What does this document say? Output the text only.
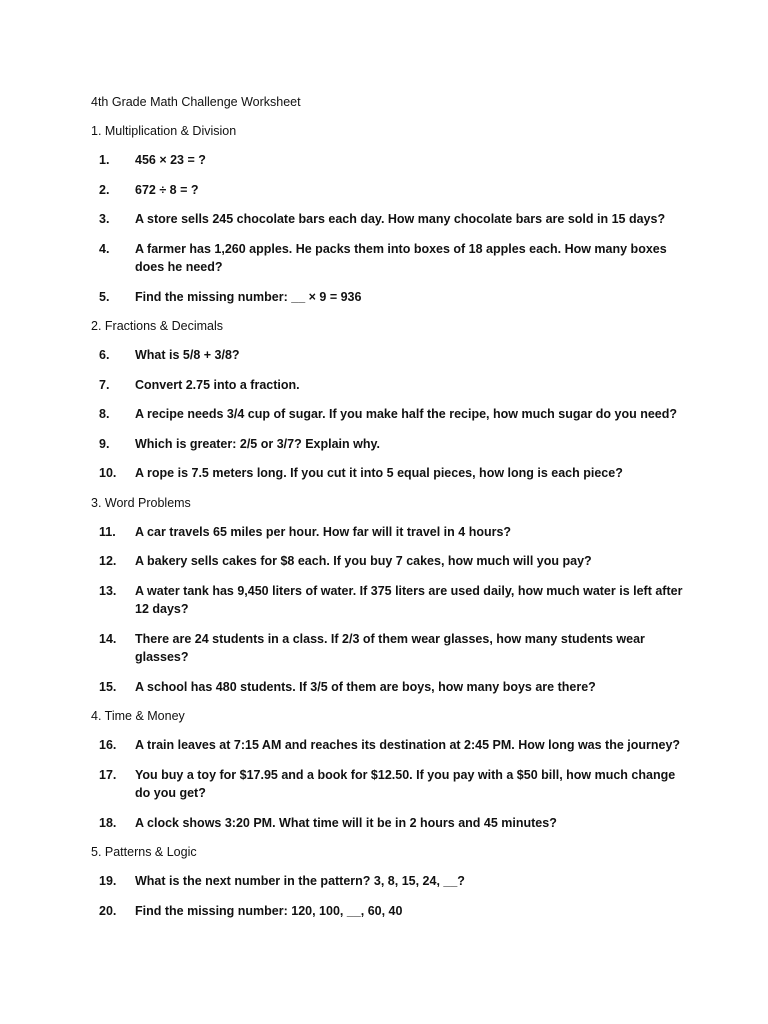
4th Grade Math Challenge Worksheet

1. Multiplication & Division

1.	456 × 23 = ?
2.	672 ÷ 8 = ?
3.	A store sells 245 chocolate bars each day. How many chocolate bars are sold in 15 days?
4.	A farmer has 1,260 apples. He packs them into boxes of 18 apples each. How many boxes does he need?
5.	Find the missing number: __ × 9 = 936

2. Fractions & Decimals

6.	What is 5/8 + 3/8?
7.	Convert 2.75 into a fraction.
8.	A recipe needs 3/4 cup of sugar. If you make half the recipe, how much sugar do you need?
9.	Which is greater: 2/5 or 3/7? Explain why.
10.	A rope is 7.5 meters long. If you cut it into 5 equal pieces, how long is each piece?

3. Word Problems

11.	A car travels 65 miles per hour. How far will it travel in 4 hours?
12.	A bakery sells cakes for $8 each. If you buy 7 cakes, how much will you pay?
13.	A water tank has 9,450 liters of water. If 375 liters are used daily, how much water is left after 12 days?
14.	There are 24 students in a class. If 2/3 of them wear glasses, how many students wear glasses?
15.	A school has 480 students. If 3/5 of them are boys, how many boys are there?

4. Time & Money

16.	A train leaves at 7:15 AM and reaches its destination at 2:45 PM. How long was the journey?
17.	You buy a toy for $17.95 and a book for $12.50. If you pay with a $50 bill, how much change do you get?
18.	A clock shows 3:20 PM. What time will it be in 2 hours and 45 minutes?

5. Patterns & Logic

19.	What is the next number in the pattern? 3, 8, 15, 24, __?
20.	Find the missing number: 120, 100, __, 60, 40
